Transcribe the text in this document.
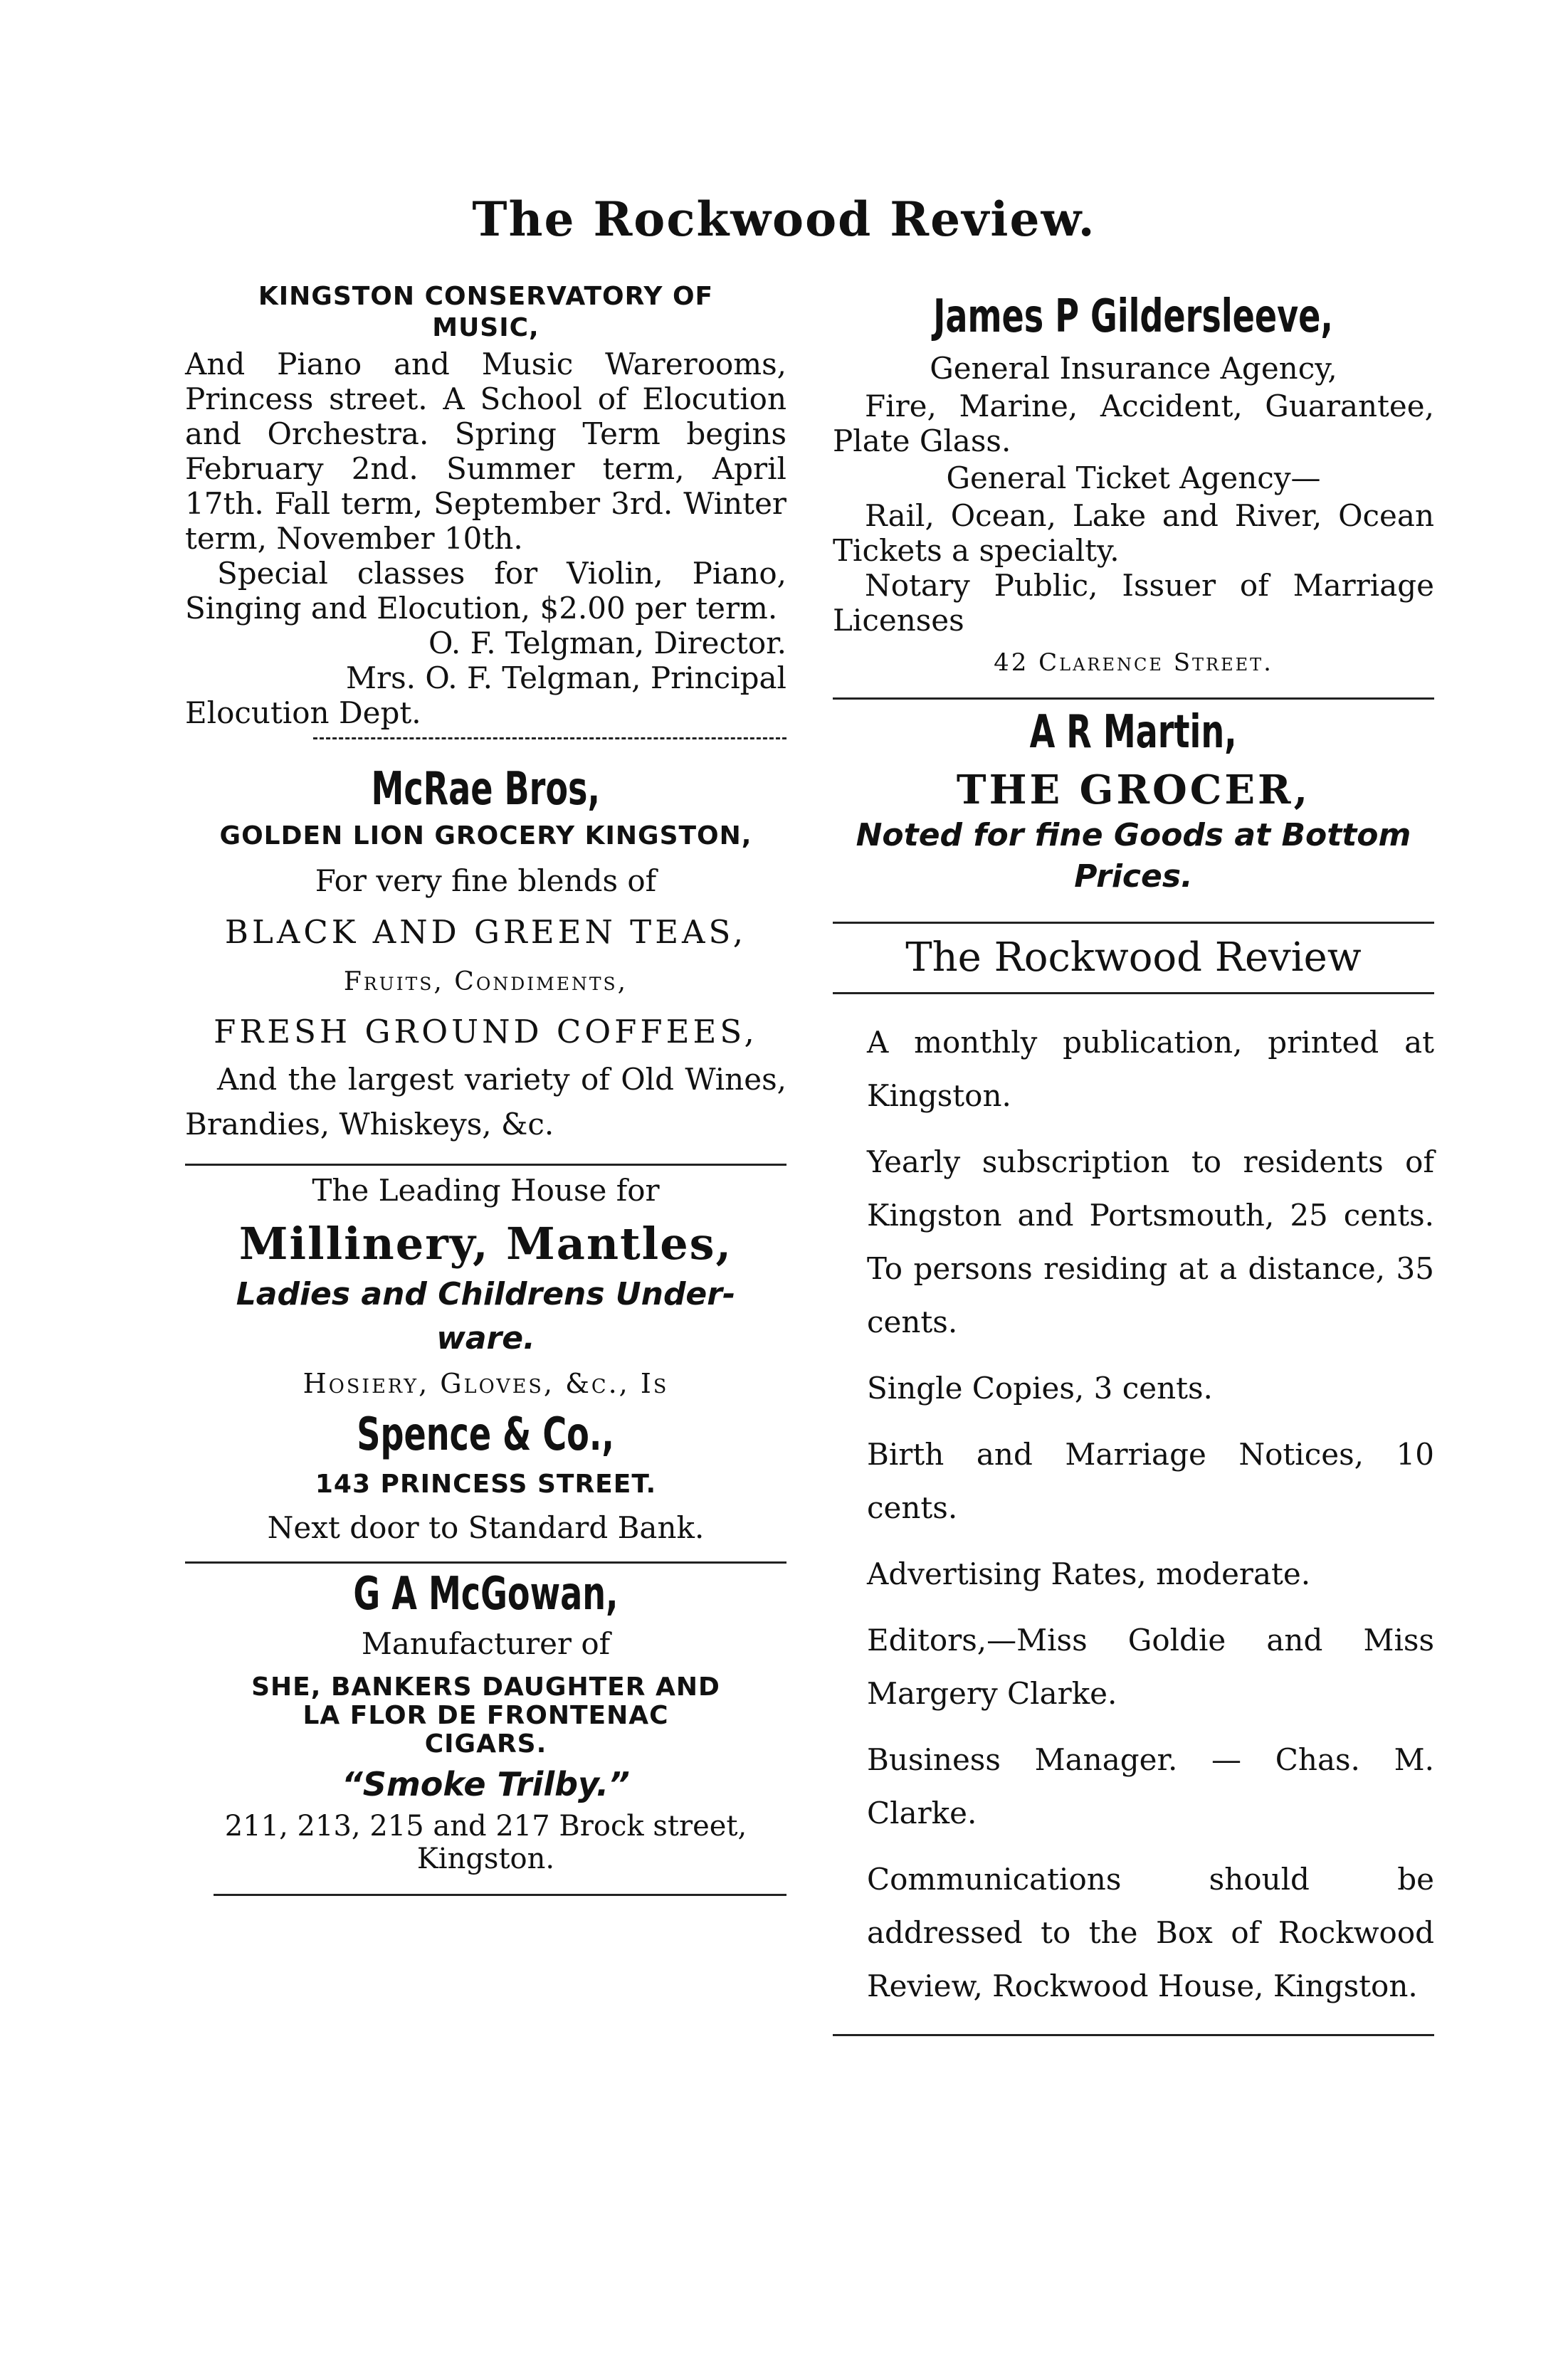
The Rockwood Review.

KINGSTON CONSERVATORY OF MUSIC,

And Piano and Music Warerooms, Princess street. A School of Elocution and Orchestra. Spring Term begins February 2nd. Summer term, April 17th. Fall term, September 3rd. Winter term, November 10th.

Special classes for Violin, Piano, Singing and Elocution, $2.00 per term.

O. F. Telgman, Director.

Mrs. O. F. Telgman, Principal

Elocution Dept.

McRae Bros,

GOLDEN LION GROCERY KINGSTON,

For very fine blends of

BLACK AND GREEN TEAS,

Fruits, Condiments,

FRESH GROUND COFFEES,

And the largest variety of Old Wines, Brandies, Whiskeys, &c.

The Leading House for

Millinery, Mantles,

Ladies and Childrens Under-

ware.

Hosiery, Gloves, &c., Is

Spence & Co.,

143 PRINCESS STREET.

Next door to Standard Bank.

G A McGowan,

Manufacturer of

SHE, BANKERS DAUGHTER AND

LA FLOR DE FRONTENAC

CIGARS.

“Smoke Trilby.”

211, 213, 215 and 217 Brock street,

Kingston.

James P Gildersleeve,

General Insurance Agency,

Fire, Marine, Accident, Guarantee, Plate Glass.

General Ticket Agency—

Rail, Ocean, Lake and River, Ocean Tickets a specialty.

Notary Public, Issuer of Marriage Licenses

42 Clarence Street.

A R Martin,

THE GROCER,

Noted for fine Goods at Bottom

Prices.

The Rockwood Review

A monthly publication, printed at Kingston.

Yearly subscription to residents of Kingston and Portsmouth, 25 cents. To persons residing at a distance, 35 cents.

Single Copies, 3 cents.

Birth and Marriage Notices, 10 cents.

Advertising Rates, moderate.

Editors,—Miss Goldie and Miss Margery Clarke.

Business Manager. — Chas. M. Clarke.

Communications should be addressed to the Box of Rockwood Review, Rockwood House, Kingston.
